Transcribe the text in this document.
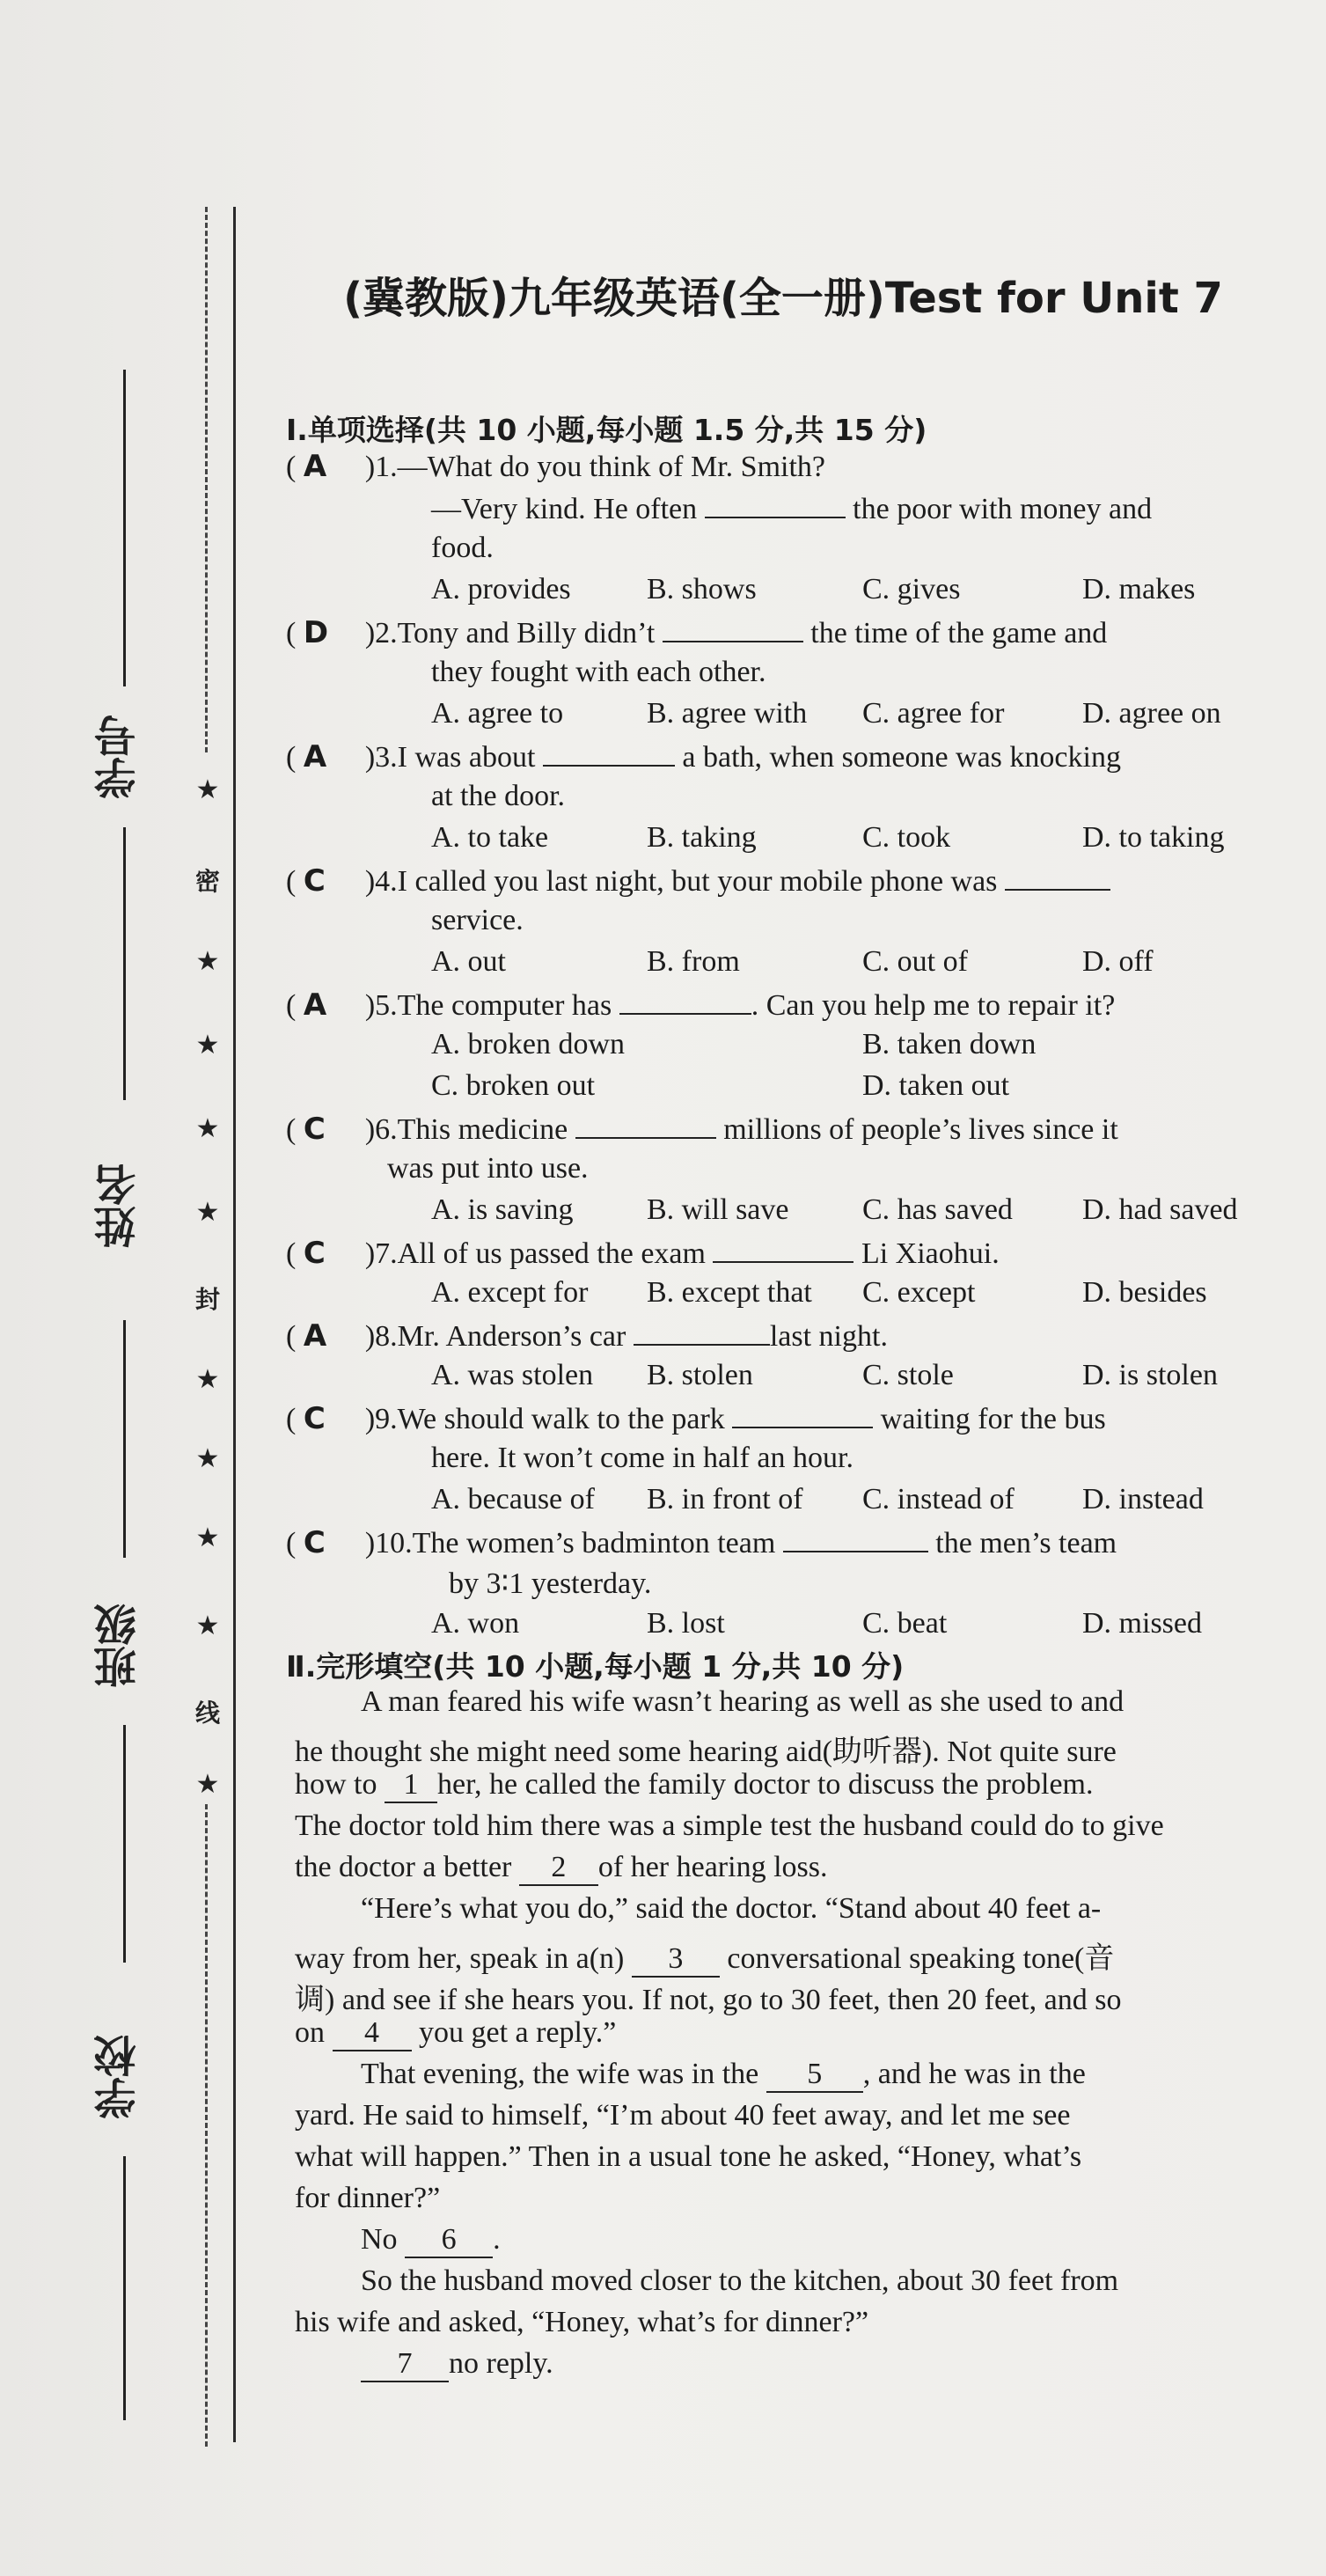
学号
姓名
班级
学校
★
密
★
★
★
★
封
★
★
★
★
线
★
(冀教版)九年级英语(全一册)Test for Unit 7
Ⅰ.单项选择(共 10 小题,每小题 1.5 分,共 15 分)
( A )1.—What do you think of Mr. Smith?
—Very kind. He often	the poor with money and
food.
A. provides	B. shows	C. gives	D. makes
( D )2.Tony and Billy didn’t	the time of the game and
they fought with each other.
A. agree to	B. agree with C. agree for	D. agree on
( A )3.I was about	a bath, when someone was knocking
at the door.
A. to take	B. taking	C. took	D. to taking
( C )4.I called you last night, but your mobile phone was
service.
A. out	B. from	C. out of	D. off
( A )5.The computer has	. Can you help me to repair it?
A. broken down	B. taken down
C. broken out	D. taken out
( C )6.This medicine	millions of people’s lives since it
was put into use.
A. is saving B. will save C. has saved D. had saved
( C )7.All of us passed the exam	Li Xiaohui.
A. except for B. except that C. except	D. besides
( A )8.Mr. Anderson’s car	last night.
A. was stolen B. stolen	C. stole	D. is stolen
( C )9.We should walk to the park	waiting for the bus
here. It won’t come in half an hour.
A. because of B. in front of C. instead of D. instead
( C )10.The women’s badminton team	the men’s team
by 3∶1 yesterday.
A. won	B. lost	C. beat	D. missed
Ⅱ.完形填空(共 10 小题,每小题 1 分,共 10 分)
A man feared his wife wasn’t hearing as well as she used to and
he thought she might need some hearing aid(助听器). Not quite sure
how to 1 her, he called the family doctor to discuss the problem.
The doctor told him there was a simple test the husband could do to give
the doctor a better 2 of her hearing loss.
“Here’s what you do,” said the doctor. “Stand about 40 feet a-
way from her, speak in a(n) 3 conversational speaking tone(音
调) and see if she hears you. If not, go to 30 feet, then 20 feet, and so
on 4 you get a reply.”
That evening, the wife was in the 5 , and he was in the
yard. He said to himself, “I’m about 40 feet away, and let me see
what will happen.” Then in a usual tone he asked, “Honey, what’s
for dinner?”
No 6 .
So the husband moved closer to the kitchen, about 30 feet from
his wife and asked, “Honey, what’s for dinner?”
7 no reply.
